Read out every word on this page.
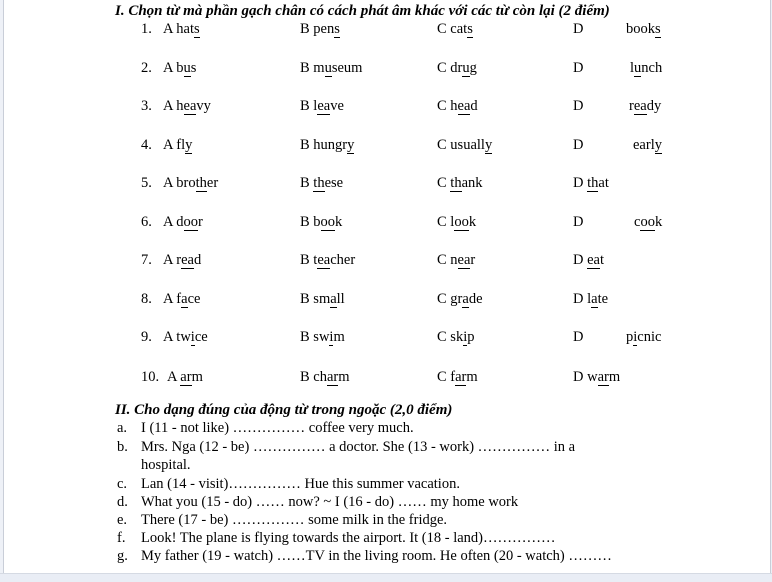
I. Chọn từ mà phần gạch chân có cách phát âm khác với các từ còn lại (2 điểm)
1. A hats	B pens	C cats	D	books
2. A bus	B museum	C drug	D	lunch
3. A heavy	B leave	C head	D	ready
4. A fly	B hungry	C usually	D	early
5. A brother	B these	C thank	D that
6. A door	B book	C look	D	cook
7. A read	B teacher	C near	D eat
8. A face	B small	C grade	D late
9. A twice	B swim	C skip	D	picnic
10. A arm	B charm	C farm	D warm
II. Cho dạng đúng của động từ trong ngoặc (2,0 điểm)
a. I (11 - not like) …………… coffee very much.
b. Mrs. Nga (12 - be) …………… a doctor. She (13 - work) …………… in a
hospital.
c. Lan (14 - visit)…………… Hue this summer vacation.
d. What you (15 - do) …… now? ~ I (16 - do) …… my home work
e. There (17 - be) …………… some milk in the fridge.
f. Look! The plane is flying towards the airport. It (18 - land)……………
g. My father (19 - watch) ……TV in the living room. He often (20 - watch) ………
